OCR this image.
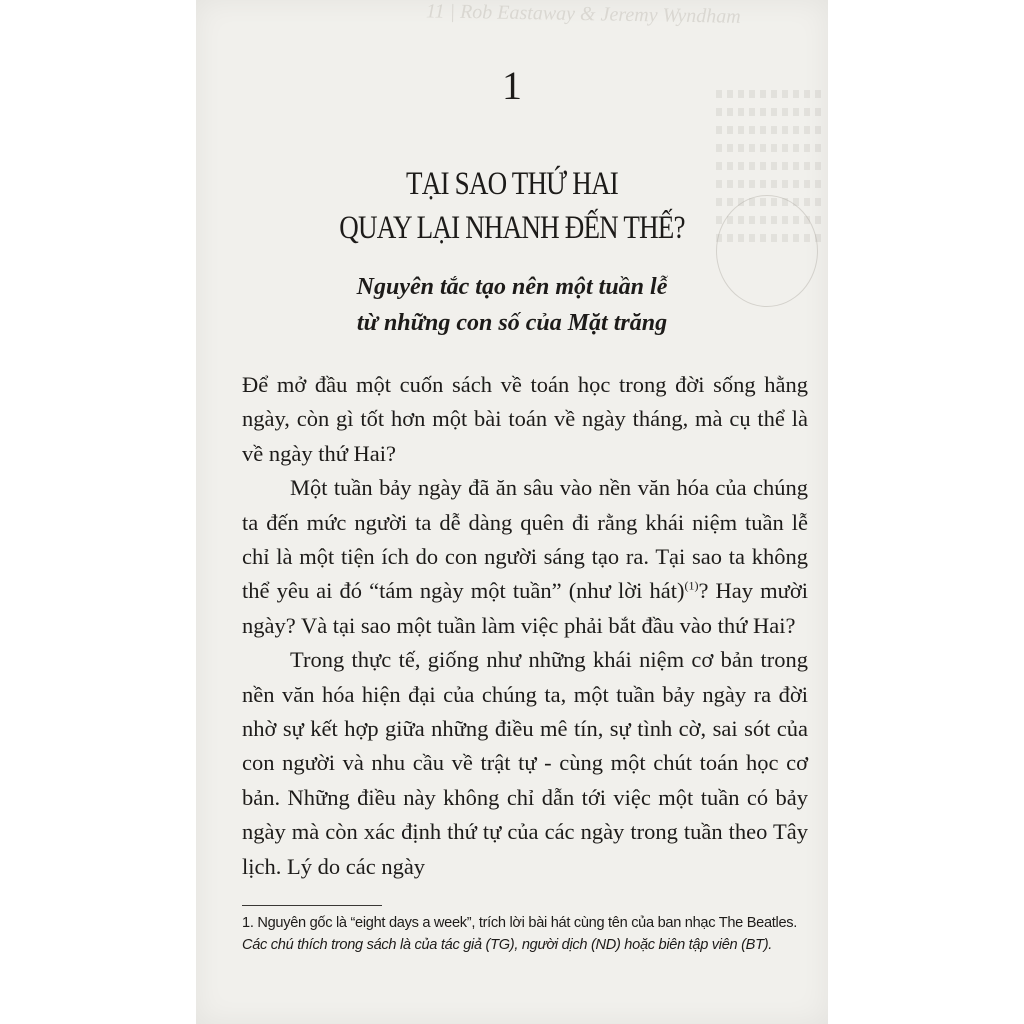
11 | Rob Eastaway & Jeremy Wyndham
1
TẠI SAO THỨ HAI
QUAY LẠI NHANH ĐẾN THẾ?
Nguyên tắc tạo nên một tuần lễ
từ những con số của Mặt trăng

Để mở đầu một cuốn sách về toán học trong đời sống hằng ngày, còn gì tốt hơn một bài toán về ngày tháng, mà cụ thể là về ngày thứ Hai?

Một tuần bảy ngày đã ăn sâu vào nền văn hóa của chúng ta đến mức người ta dễ dàng quên đi rằng khái niệm tuần lễ chỉ là một tiện ích do con người sáng tạo ra. Tại sao ta không thể yêu ai đó “tám ngày một tuần” (như lời hát)$^{(1)}$? Hay mười ngày? Và tại sao một tuần làm việc phải bắt đầu vào thứ Hai?

Trong thực tế, giống như những khái niệm cơ bản trong nền văn hóa hiện đại của chúng ta, một tuần bảy ngày ra đời nhờ sự kết hợp giữa những điều mê tín, sự tình cờ, sai sót của con người và nhu cầu về trật tự - cùng một chút toán học cơ bản. Những điều này không chỉ dẫn tới việc một tuần có bảy ngày mà còn xác định thứ tự của các ngày trong tuần theo Tây lịch. Lý do các ngày

1. Nguyên gốc là “eight days a week”, trích lời bài hát cùng tên của ban nhạc The Beatles.
Các chú thích trong sách là của tác giả (TG), người dịch (ND) hoặc biên tập viên (BT).
